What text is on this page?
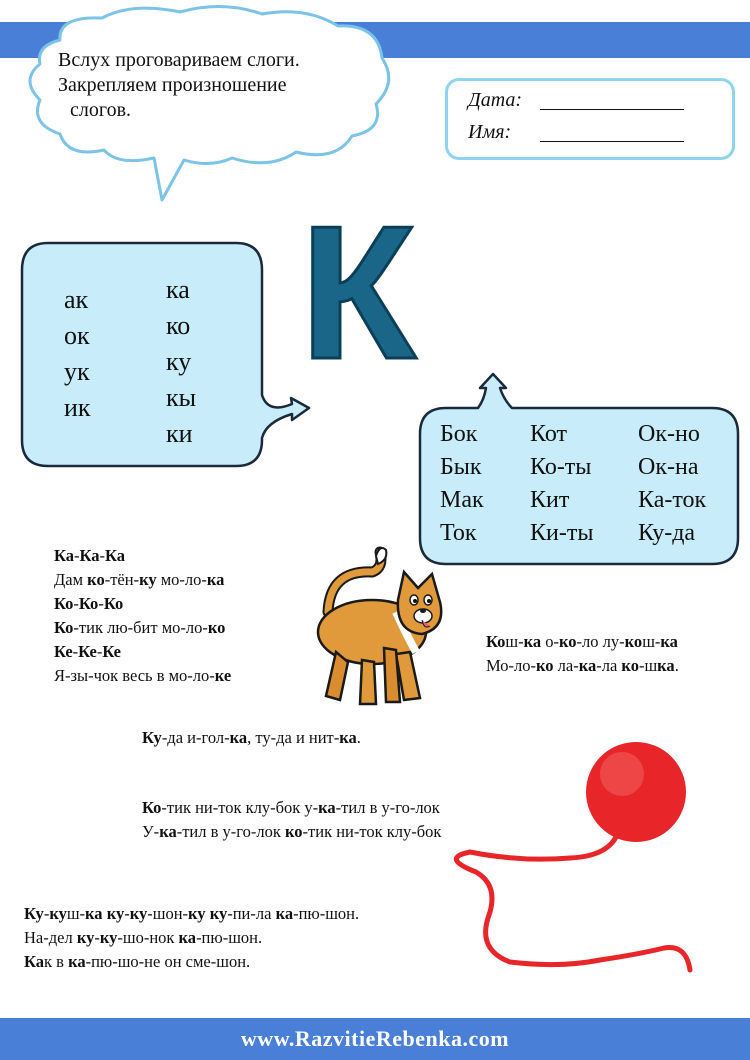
Вслух проговариваем слоги.
Закрепляем произношение
слогов.	Дата:
Имя:
К
ак
ок
ук
ик
ка
ко
ку
кы
ки	Бок
Бык
Мак
Ток
Кот
Ко-ты
Кит
Ки-ты
Ок-но
Ок-на
Ка-ток
Ку-да
Ка-Ка-Ка
Дам ко-тён-ку мо-ло-ка
Ко-Ко-Ко
Ко-тик лю-бит мо-ло-ко
Ке-Ке-Ке
Я-зы-чок весь в мо-ло-ке
Кош-ка о-ко-ло лу-кош-ка
Мо-ло-ко ла-ка-ла ко-шка.
Ку-да и-гол-ка, ту-да и нит-ка.
Ко-тик ни-ток клу-бок у-ка-тил в у-го-лок
У-ка-тил в у-го-лок ко-тик ни-ток клу-бок
Ку-куш-ка ку-ку-шон-ку ку-пи-ла ка-пю-шон.
На-дел ку-ку-шо-нок ка-пю-шон.
Как в ка-пю-шо-не он сме-шон.
www.RazvitieRebenka.com
